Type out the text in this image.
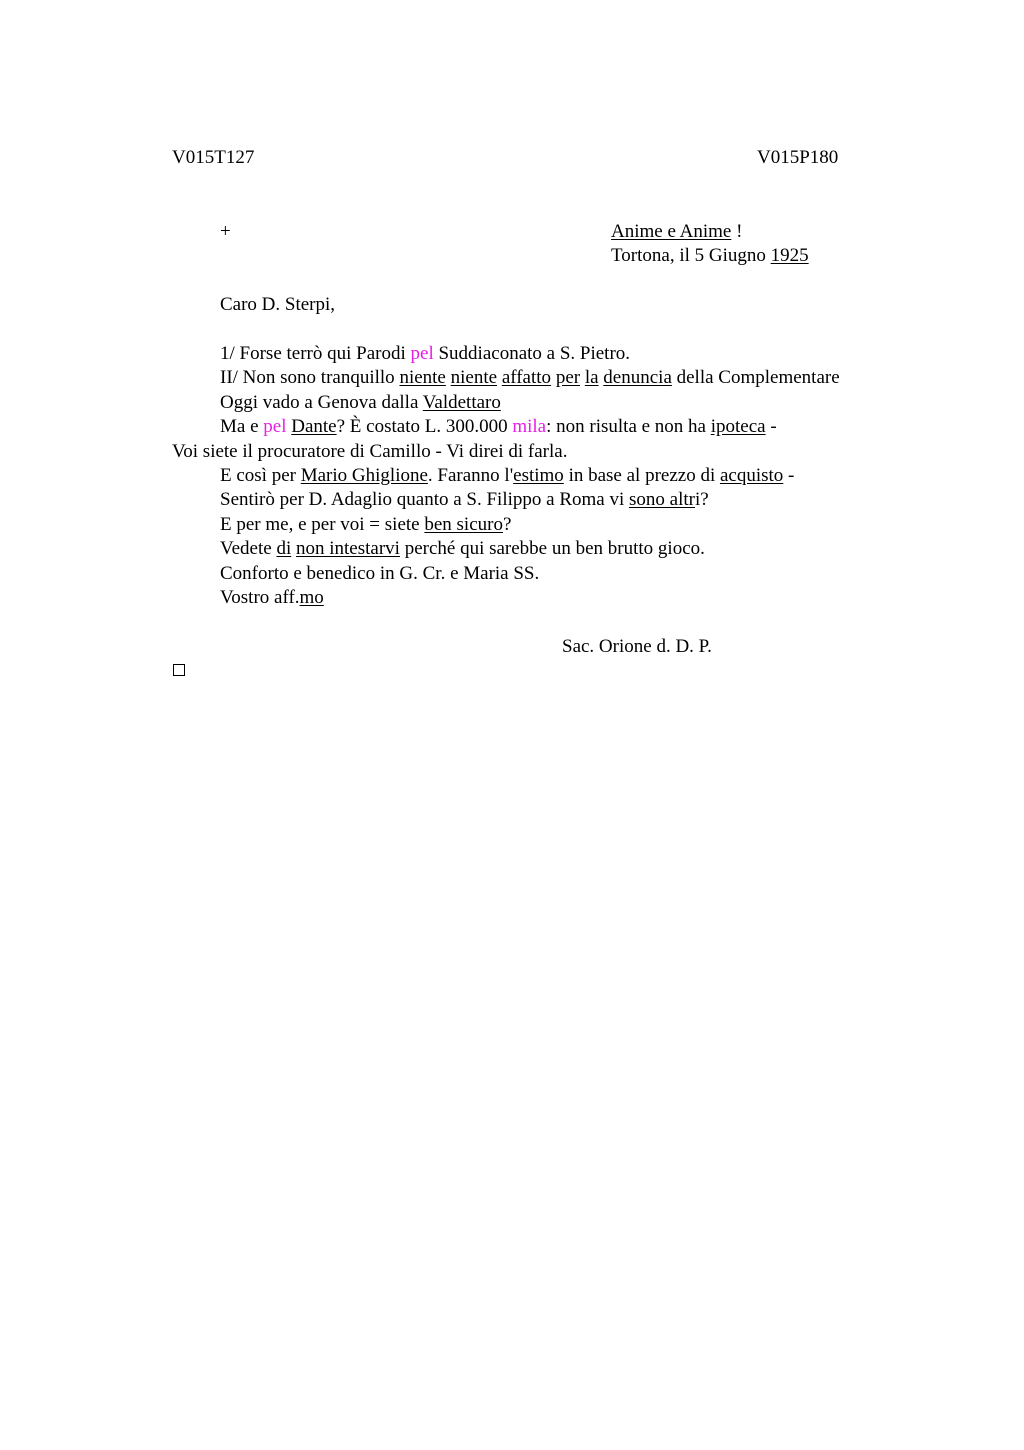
V015T127	V015P180
+	Anime e Anime !
Tortona, il 5 Giugno 1925
Caro D. Sterpi,
1/ Forse terrò qui Parodi pel Suddiaconato a S. Pietro.
II/ Non sono tranquillo niente niente affatto per la denuncia della Complementare
Oggi vado a Genova dalla Valdettaro
Ma e pel Dante? È costato L. 300.000 mila: non risulta e non ha ipoteca -
Voi siete il procuratore di Camillo - Vi direi di farla.
E così per Mario Ghiglione. Faranno l'estimo in base al prezzo di acquisto -
Sentirò per D. Adaglio quanto a S. Filippo a Roma vi sono altri?
E per me, e per voi = siete ben sicuro?
Vedete di non intestarvi perché qui sarebbe un ben brutto gioco.
Conforto e benedico in G. Cr. e Maria SS.
Vostro aff.mo
Sac. Orione d. D. P.
